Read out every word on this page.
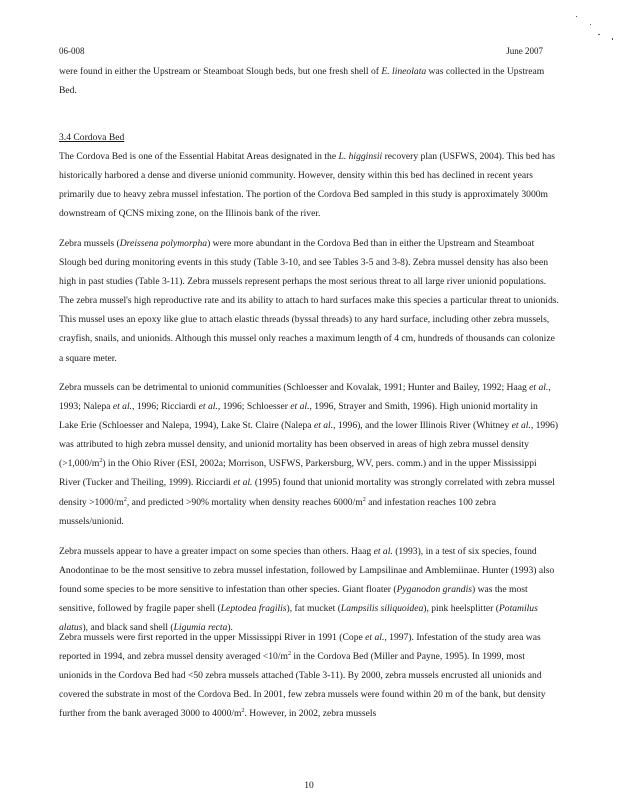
06-008	June 2007

were found in either the Upstream or Steamboat Slough beds, but one fresh shell of E. lineolata was collected in the Upstream Bed.

3.4 Cordova Bed

The Cordova Bed is one of the Essential Habitat Areas designated in the L. higginsii recovery plan (USFWS, 2004). This bed has historically harbored a dense and diverse unionid community. However, density within this bed has declined in recent years primarily due to heavy zebra mussel infestation. The portion of the Cordova Bed sampled in this study is approximately 3000m downstream of QCNS mixing zone, on the Illinois bank of the river.

Zebra mussels (Dreissena polymorpha) were more abundant in the Cordova Bed than in either the Upstream and Steamboat Slough bed during monitoring events in this study (Table 3-10, and see Tables 3-5 and 3-8). Zebra mussel density has also been high in past studies (Table 3-11). Zebra mussels represent perhaps the most serious threat to all large river unionid populations. The zebra mussel's high reproductive rate and its ability to attach to hard surfaces make this species a particular threat to unionids. This mussel uses an epoxy like glue to attach elastic threads (byssal threads) to any hard surface, including other zebra mussels, crayfish, snails, and unionids. Although this mussel only reaches a maximum length of 4 cm, hundreds of thousands can colonize a square meter.

Zebra mussels can be detrimental to unionid communities (Schloesser and Kovalak, 1991; Hunter and Bailey, 1992; Haag et al., 1993; Nalepa et al., 1996; Ricciardi et al., 1996; Schloesser et al., 1996, Strayer and Smith, 1996). High unionid mortality in Lake Erie (Schloesser and Nalepa, 1994), Lake St. Claire (Nalepa et al., 1996), and the lower Illinois River (Whitney et al., 1996) was attributed to high zebra mussel density, and unionid mortality has been observed in areas of high zebra mussel density $(>1,000/m^2)$ in the Ohio River (ESI, 2002a; Morrison, USFWS, Parkersburg, WV, pers. comm.) and in the upper Mississippi River (Tucker and Theiling, 1999). Ricciardi et al. (1995) found that unionid mortality was strongly correlated with zebra mussel density $>1000/m^2$, and predicted >90% mortality when density reaches $6000/m^2$ and infestation reaches 100 zebra mussels/unionid.

Zebra mussels appear to have a greater impact on some species than others. Haag et al. (1993), in a test of six species, found Anodontinae to be the most sensitive to zebra mussel infestation, followed by Lampsilinae and Amblemiinae. Hunter (1993) also found some species to be more sensitive to infestation than other species. Giant floater (Pyganodon grandis) was the most sensitive, followed by fragile paper shell (Leptodea fragilis), fat mucket (Lampsilis siliquoidea), pink heelsplitter (Potamilus alatus), and black sand shell (Ligumia recta).

Zebra mussels were first reported in the upper Mississippi River in 1991 (Cope et al., 1997). Infestation of the study area was reported in 1994, and zebra mussel density averaged $<10/m^2$ in the Cordova Bed (Miller and Payne, 1995). In 1999, most unionids in the Cordova Bed had <50 zebra mussels attached (Table 3-11). By 2000, zebra mussels encrusted all unionids and covered the substrate in most of the Cordova Bed. In 2001, few zebra mussels were found within 20 m of the bank, but density further from the bank averaged 3000 to $4000/m^2$. However, in 2002, zebra mussels

10
